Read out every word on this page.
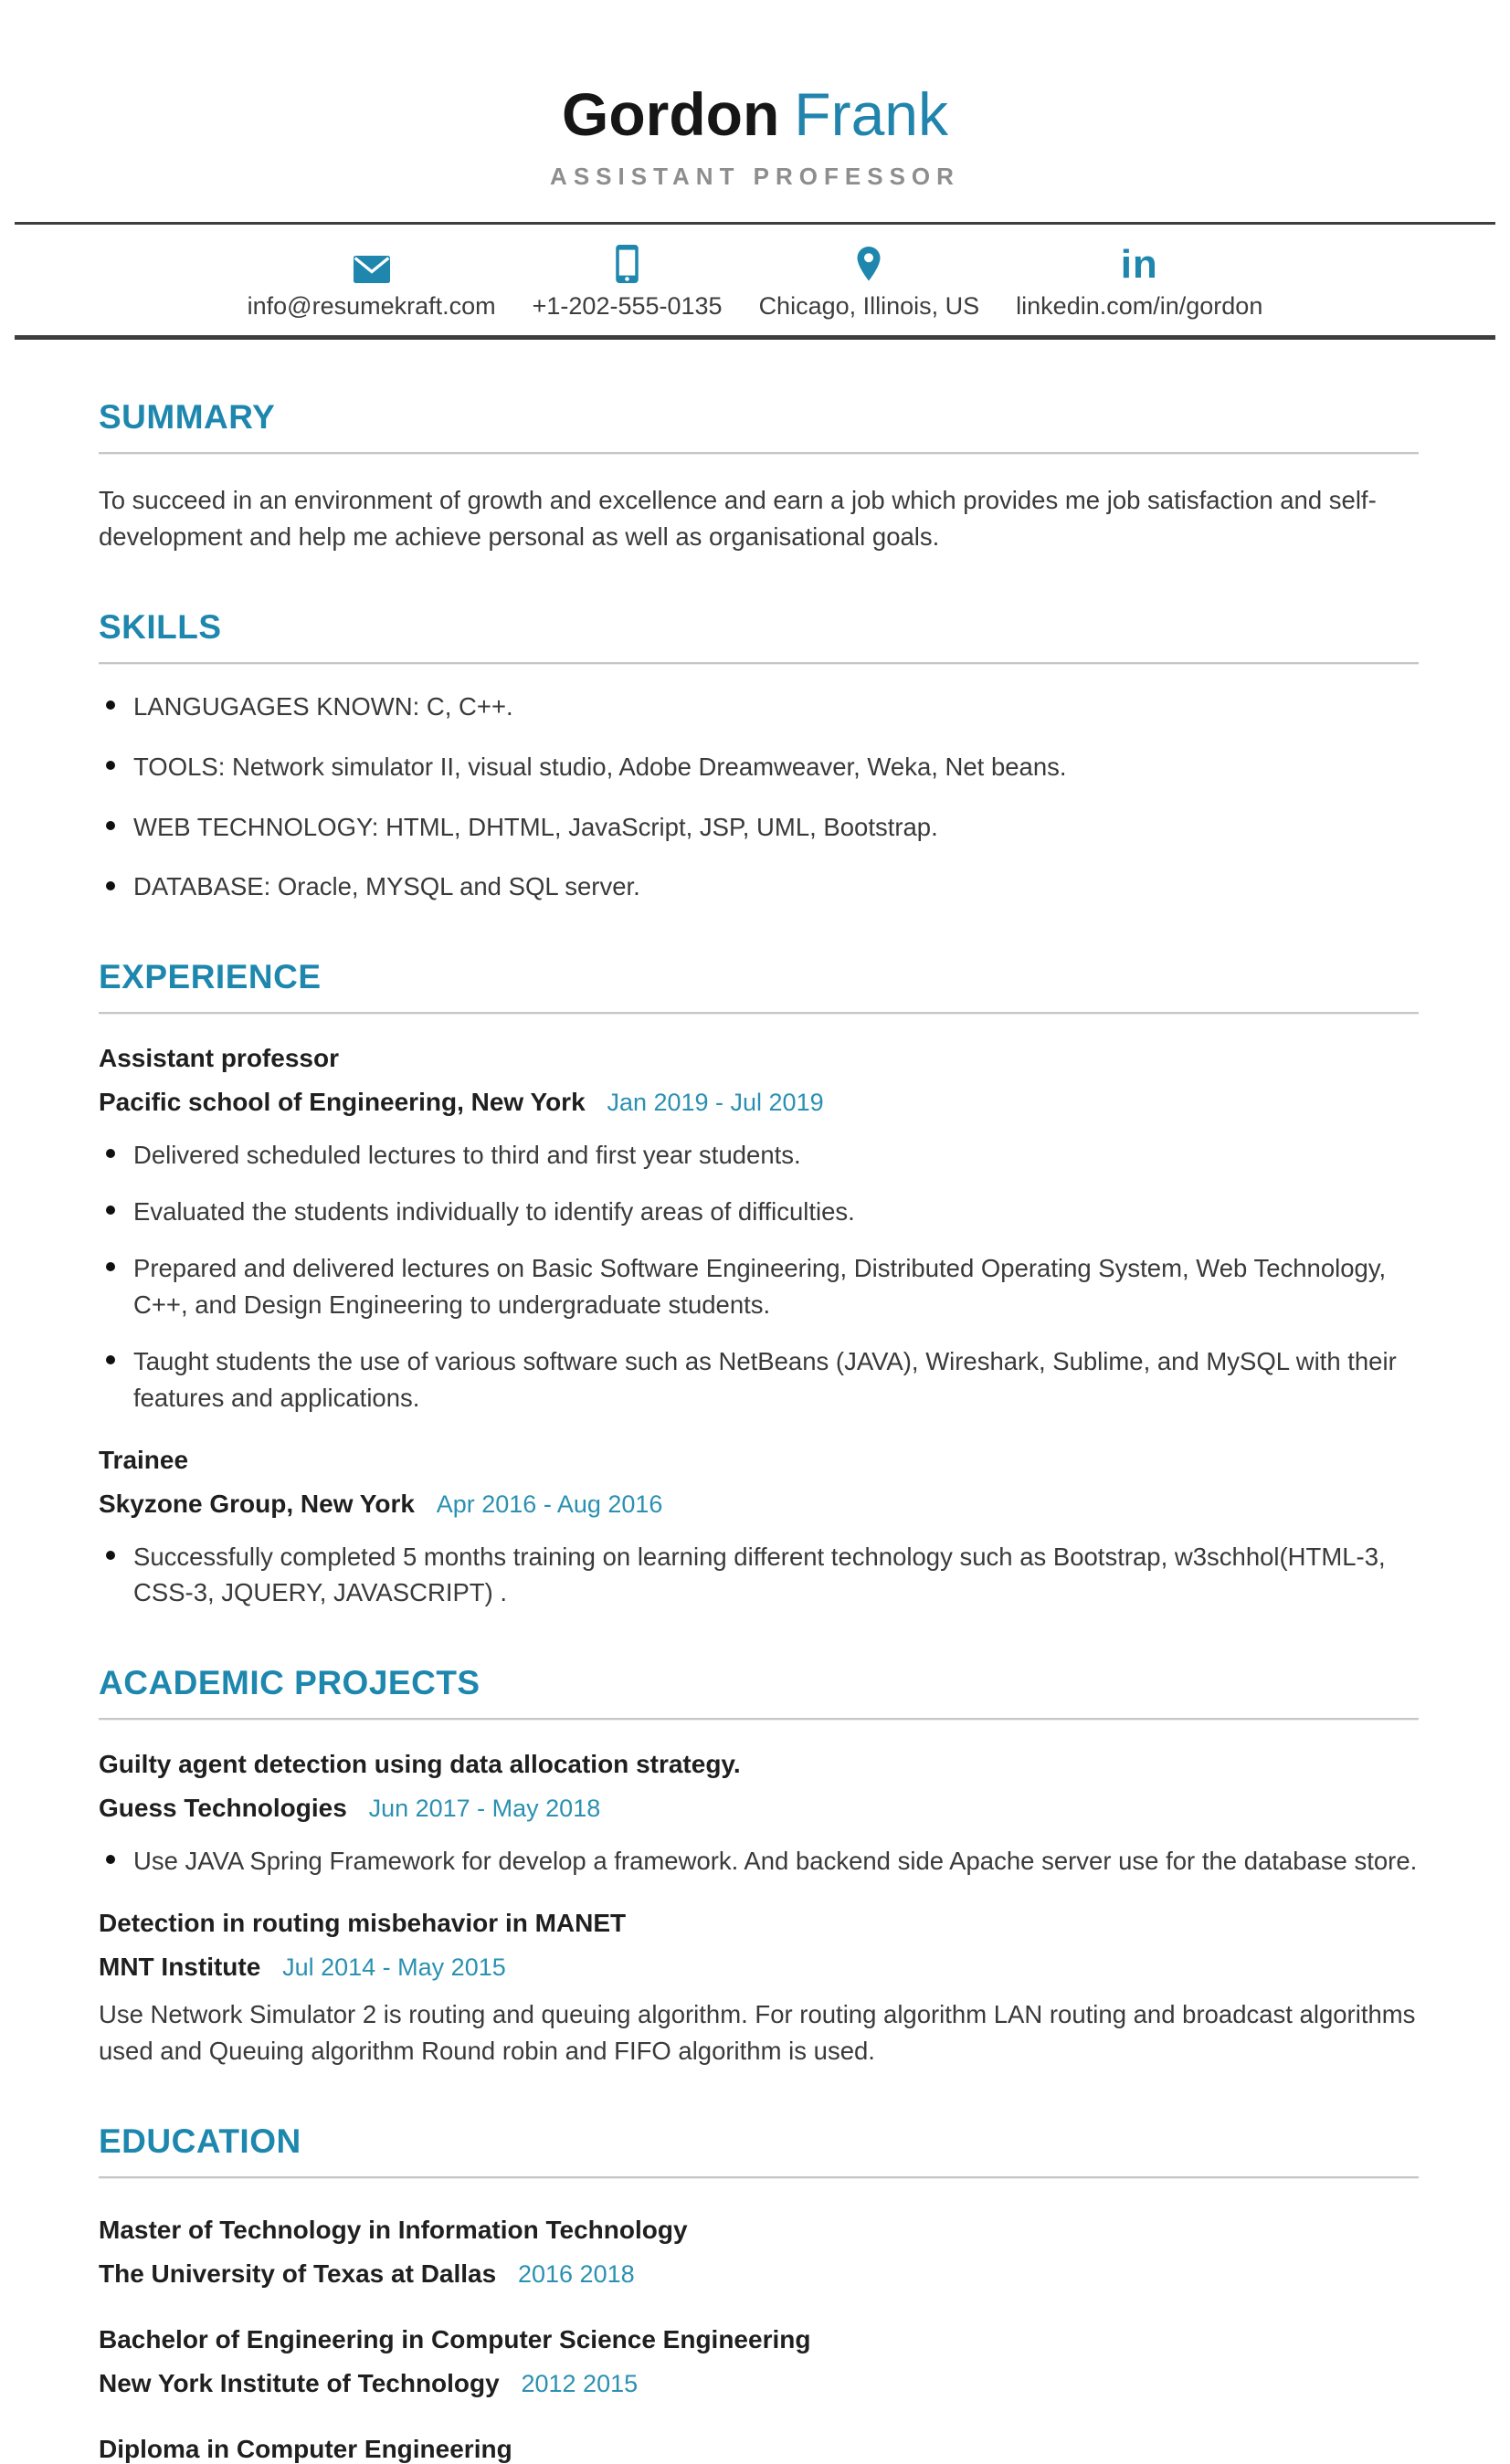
Gordon Frank
ASSISTANT PROFESSOR
info@resumekraft.com +1-202-555-0135 Chicago, Illinois, US
in
linkedin.com/in/gordon
SUMMARY
To succeed in an environment of growth and excellence and earn a job which provides me job satisfaction and self-development and help me achieve personal as well as organisational goals.
SKILLS
LANGUGAGES KNOWN: C, C++.
TOOLS: Network simulator II, visual studio, Adobe Dreamweaver, Weka, Net beans.
WEB TECHNOLOGY: HTML, DHTML, JavaScript, JSP, UML, Bootstrap.
DATABASE: Oracle, MYSQL and SQL server.
EXPERIENCE
Assistant professor
Pacific school of Engineering, New York Jan 2019 - Jul 2019
Delivered scheduled lectures to third and first year students.
Evaluated the students individually to identify areas of difficulties.
Prepared and delivered lectures on Basic Software Engineering, Distributed Operating System, Web Technology, C++, and Design Engineering to undergraduate students.
Taught students the use of various software such as NetBeans (JAVA), Wireshark, Sublime, and MySQL with their features and applications.
Trainee
Skyzone Group, New York Apr 2016 - Aug 2016
Successfully completed 5 months training on learning different technology such as Bootstrap, w3schhol(HTML-3, CSS-3, JQUERY, JAVASCRIPT) .
ACADEMIC PROJECTS
Guilty agent detection using data allocation strategy.
Guess Technologies Jun 2017 - May 2018
Use JAVA Spring Framework for develop a framework. And backend side Apache server use for the database store.
Detection in routing misbehavior in MANET
MNT Institute Jul 2014 - May 2015
Use Network Simulator 2 is routing and queuing algorithm. For routing algorithm LAN routing and broadcast algorithms used and Queuing algorithm Round robin and FIFO algorithm is used.
EDUCATION
Master of Technology in Information Technology
The University of Texas at Dallas 2016 2018
Bachelor of Engineering in Computer Science Engineering
New York Institute of Technology 2012 2015
Diploma in Computer Engineering
